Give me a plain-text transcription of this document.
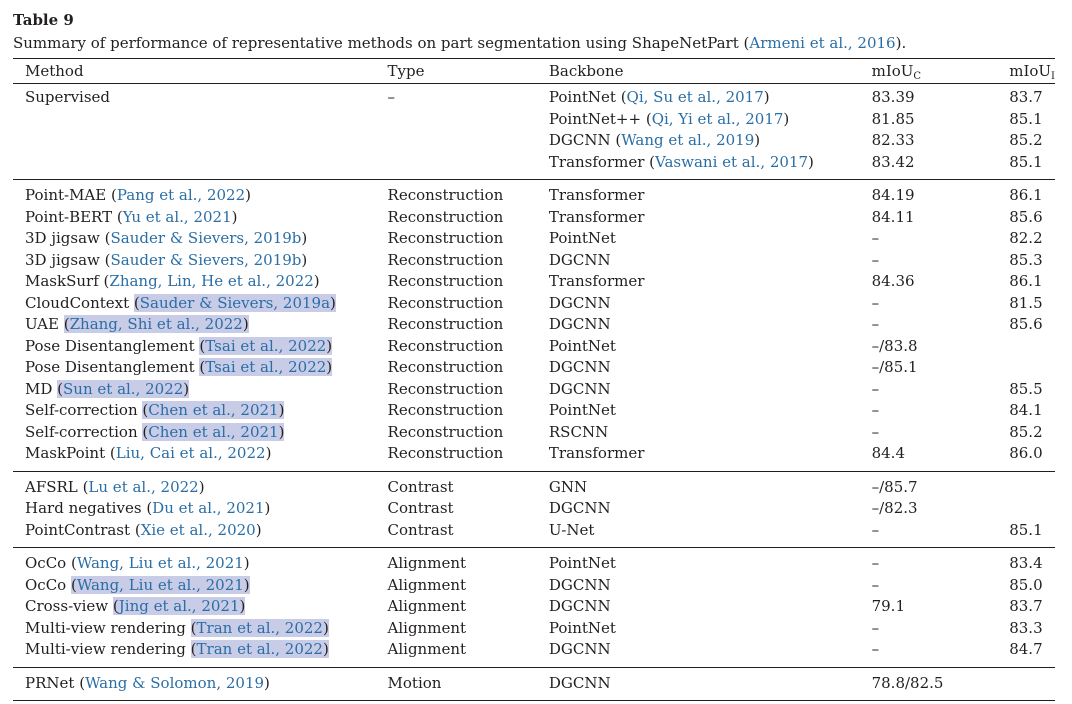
Table 9

Summary of performance of representative methods on part segmentation using ShapeNetPart (Armeni et al., 2016).

Method	Type	Backbone	mIoU$_C$	mIoU$_I$
Supervised	–	PointNet (Qi, Su et al., 2017)	83.39	83.7
		PointNet++ (Qi, Yi et al., 2017)	81.85	85.1
		DGCNN (Wang et al., 2019)	82.33	85.2
		Transformer (Vaswani et al., 2017)	83.42	85.1
Point-MAE (Pang et al., 2022)	Reconstruction	Transformer	84.19	86.1
Point-BERT (Yu et al., 2021)	Reconstruction	Transformer	84.11	85.6
3D jigsaw (Sauder & Sievers, 2019b)	Reconstruction	PointNet	–	82.2
3D jigsaw (Sauder & Sievers, 2019b)	Reconstruction	DGCNN	–	85.3
MaskSurf (Zhang, Lin, He et al., 2022)	Reconstruction	Transformer	84.36	86.1
CloudContext (Sauder & Sievers, 2019a)	Reconstruction	DGCNN	–	81.5
UAE (Zhang, Shi et al., 2022)	Reconstruction	DGCNN	–	85.6
Pose Disentanglement (Tsai et al., 2022)	Reconstruction	PointNet	–/83.8	
Pose Disentanglement (Tsai et al., 2022)	Reconstruction	DGCNN	–/85.1	
MD (Sun et al., 2022)	Reconstruction	DGCNN	–	85.5
Self-correction (Chen et al., 2021)	Reconstruction	PointNet	–	84.1
Self-correction (Chen et al., 2021)	Reconstruction	RSCNN	–	85.2
MaskPoint (Liu, Cai et al., 2022)	Reconstruction	Transformer	84.4	86.0
AFSRL (Lu et al., 2022)	Contrast	GNN	–/85.7	
Hard negatives (Du et al., 2021)	Contrast	DGCNN	–/82.3	
PointContrast (Xie et al., 2020)	Contrast	U-Net	–	85.1
OcCo (Wang, Liu et al., 2021)	Alignment	PointNet	–	83.4
OcCo (Wang, Liu et al., 2021)	Alignment	DGCNN	–	85.0
Cross-view (Jing et al., 2021)	Alignment	DGCNN	79.1	83.7
Multi-view rendering (Tran et al., 2022)	Alignment	PointNet	–	83.3
Multi-view rendering (Tran et al., 2022)	Alignment	DGCNN	–	84.7
PRNet (Wang & Solomon, 2019)	Motion	DGCNN	78.8/82.5	
